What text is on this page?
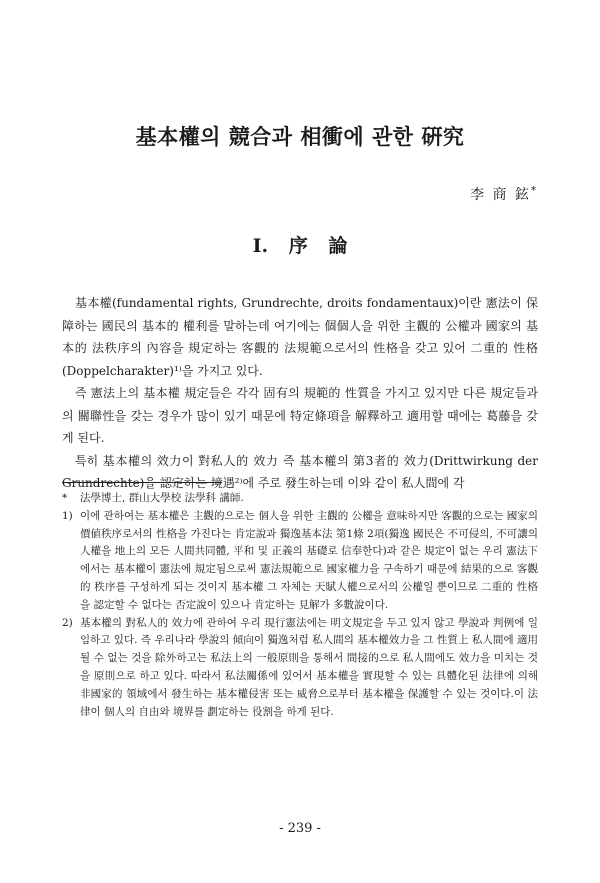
基本權의 競合과 相衝에 관한 硏究
李 商 鉉*
Ⅰ. 序 論

基本權(fundamental rights, Grundrechte, droits fondamentaux)이란 憲法이 保障하는 國民의 基本的 權利를 말하는데 여기에는 個個人을 위한 主觀的 公權과 國家의 基本的 法秩序의 內容을 規定하는 客觀的 法規範으로서의 性格을 갖고 있어 二重的 性格(Doppelcharakter)¹⁾을 가지고 있다.

즉 憲法上의 基本權 規定들은 각각 固有의 規範的 性質을 가지고 있지만 다른 規定들과의 關聯性을 갖는 경우가 많이 있기 때문에 特定條項을 解釋하고 適用할 때에는 葛藤을 갖게 된다.

특히 基本權의 效力이 對私人的 效力 즉 基本權의 第3者的 效力(Drittwirkung der Grundrechte)을 認定하는 境遇²⁾에 주로 發生하는데 이와 같이 私人間에 각

*	法學博士, 群山大學校 法學科 講師.
1) 이에 관하여는 基本權은 主觀的으로는 個人을 위한 主觀的 公權을 意味하지만 客觀的으로는 國家의 價値秩序로서의 性格을 가진다는 肯定說과 獨逸基本法 第1條 2項(獨逸 國民은 不可侵의, 不可讓의 人權을 地上의 모든 人間共同體, 平和 및 正義의 基礎로 信奉한다)과 같은 規定이 없는 우리 憲法下에서는 基本權이 憲法에 規定됨으로써 憲法規範으로 國家權力을 구속하기 때문에 結果的으로 客觀的 秩序를 구성하게 되는 것이지 基本權 그 자체는 天賦人權으로서의 公權일 뿐이므로 二重的 性格을 認定할 수 없다는 否定說이 있으나 肯定하는 見解가 多數說이다.
2) 基本權의 對私人的 效力에 관하여 우리 現行憲法에는 明文規定을 두고 있지 않고 學說과 判例에 일임하고 있다. 즉 우리나라 學說의 傾向이 獨逸처럼 私人間의 基本權效力을 그 性質上 私人間에 適用될 수 없는 것을 除外하고는 私法上의 一般原則을 통해서 間接的으로 私人間에도 效力을 미치는 것을 原則으로 하고 있다. 따라서 私法關係에 있어서 基本權을 實現할 수 있는 具體化된 法律에 의해 非國家的 領域에서 發生하는 基本權侵害 또는 威脅으로부터 基本權을 保護할 수 있는 것이다.이 法律이 個人의 自由와 境界를 劃定하는 役割을 하게 된다.
- 239 -
